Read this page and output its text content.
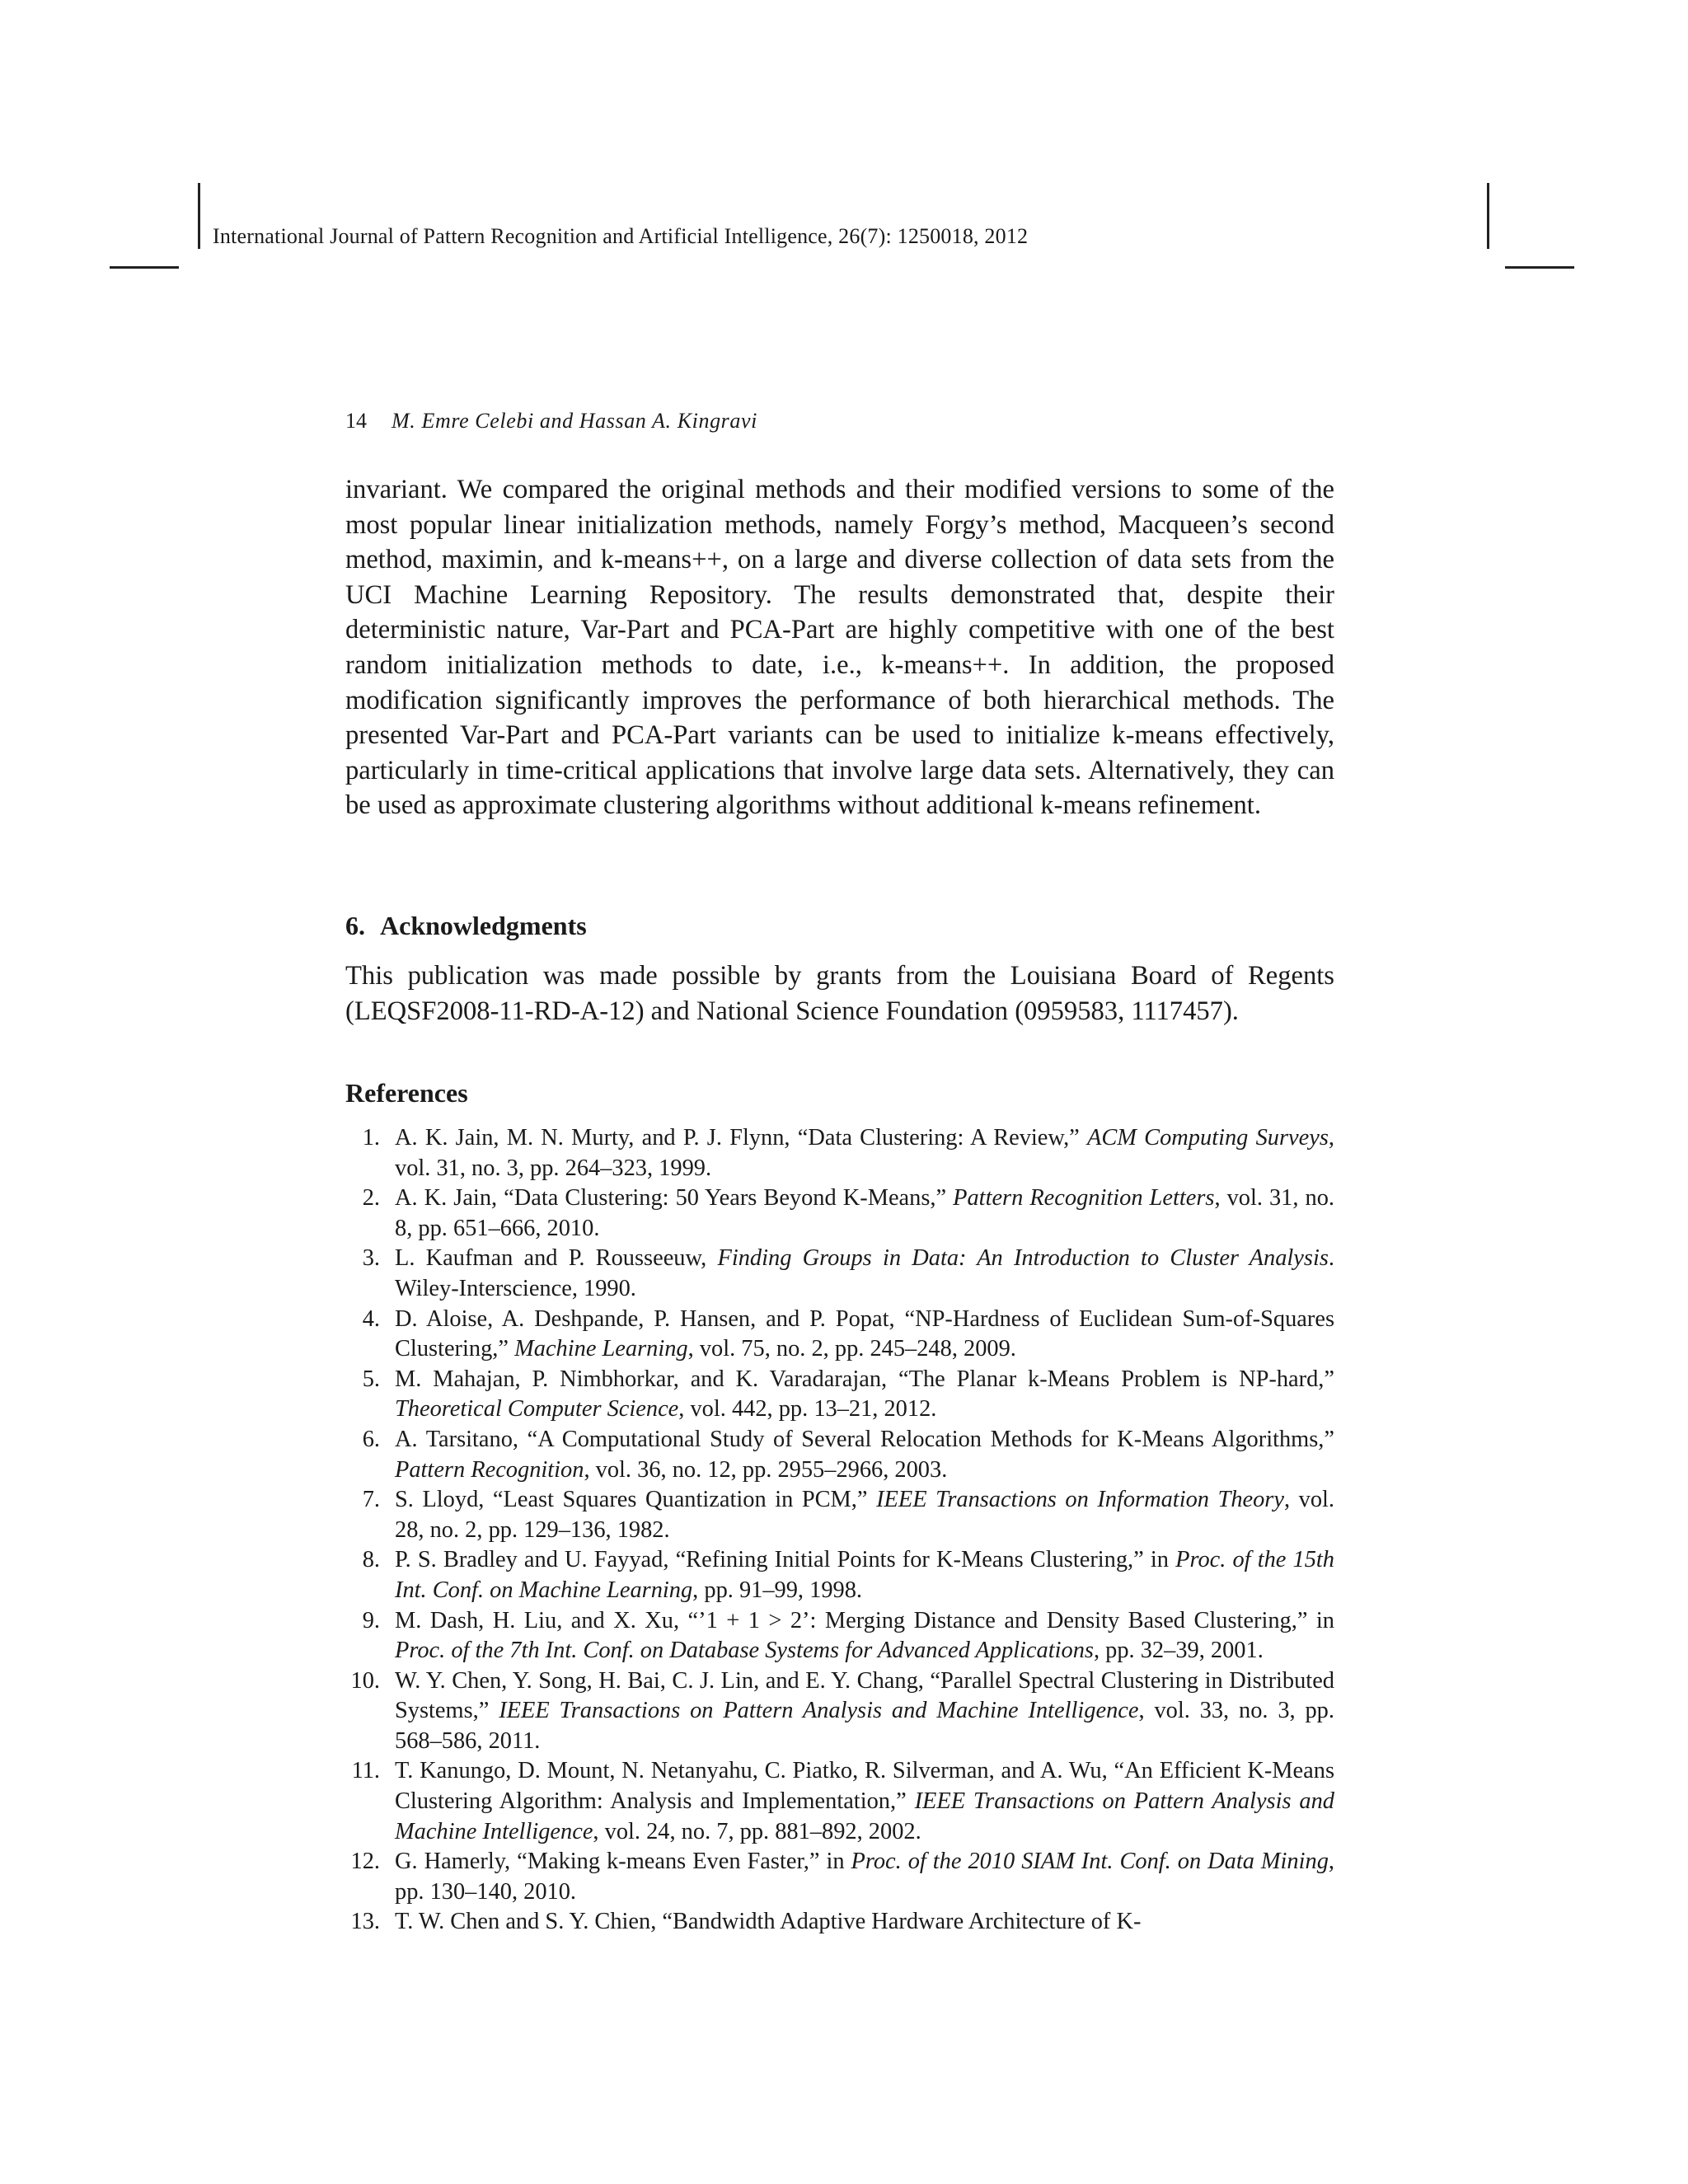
International Journal of Pattern Recognition and Artificial Intelligence, 26(7): 1250018, 2012
14 M. Emre Celebi and Hassan A. Kingravi

invariant. We compared the original methods and their modified versions to some of the most popular linear initialization methods, namely Forgy’s method, Macqueen’s second method, maximin, and k-means++, on a large and diverse collection of data sets from the UCI Machine Learning Repository. The results demonstrated that, despite their deterministic nature, Var-Part and PCA-Part are highly competitive with one of the best random initialization methods to date, i.e., k-means++. In addition, the proposed modification significantly improves the performance of both hierarchical methods. The presented Var-Part and PCA-Part variants can be used to initialize k-means effectively, particularly in time-critical applications that involve large data sets. Alternatively, they can be used as approximate clustering algorithms without additional k-means refinement.

6. Acknowledgments

This publication was made possible by grants from the Louisiana Board of Regents (LEQSF2008-11-RD-A-12) and National Science Foundation (0959583, 1117457).

References
1. A. K. Jain, M. N. Murty, and P. J. Flynn, “Data Clustering: A Review,” ACM Computing Surveys, vol. 31, no. 3, pp. 264–323, 1999.
2. A. K. Jain, “Data Clustering: 50 Years Beyond K-Means,” Pattern Recognition Letters, vol. 31, no. 8, pp. 651–666, 2010.
3. L. Kaufman and P. Rousseeuw, Finding Groups in Data: An Introduction to Cluster Analysis. Wiley-Interscience, 1990.
4. D. Aloise, A. Deshpande, P. Hansen, and P. Popat, “NP-Hardness of Euclidean Sum-of-Squares Clustering,” Machine Learning, vol. 75, no. 2, pp. 245–248, 2009.
5. M. Mahajan, P. Nimbhorkar, and K. Varadarajan, “The Planar k-Means Problem is NP-hard,” Theoretical Computer Science, vol. 442, pp. 13–21, 2012.
6. A. Tarsitano, “A Computational Study of Several Relocation Methods for K-Means Algorithms,” Pattern Recognition, vol. 36, no. 12, pp. 2955–2966, 2003.
7. S. Lloyd, “Least Squares Quantization in PCM,” IEEE Transactions on Information Theory, vol. 28, no. 2, pp. 129–136, 1982.
8. P. S. Bradley and U. Fayyad, “Refining Initial Points for K-Means Clustering,” in Proc. of the 15th Int. Conf. on Machine Learning, pp. 91–99, 1998.
9. M. Dash, H. Liu, and X. Xu, “’1 + 1 > 2’: Merging Distance and Density Based Clustering,” in Proc. of the 7th Int. Conf. on Database Systems for Advanced Applications, pp. 32–39, 2001.
10. W. Y. Chen, Y. Song, H. Bai, C. J. Lin, and E. Y. Chang, “Parallel Spectral Clustering in Distributed Systems,” IEEE Transactions on Pattern Analysis and Machine Intelligence, vol. 33, no. 3, pp. 568–586, 2011.
11. T. Kanungo, D. Mount, N. Netanyahu, C. Piatko, R. Silverman, and A. Wu, “An Efficient K-Means Clustering Algorithm: Analysis and Implementation,” IEEE Transactions on Pattern Analysis and Machine Intelligence, vol. 24, no. 7, pp. 881–892, 2002.
12. G. Hamerly, “Making k-means Even Faster,” in Proc. of the 2010 SIAM Int. Conf. on Data Mining, pp. 130–140, 2010.
13. T. W. Chen and S. Y. Chien, “Bandwidth Adaptive Hardware Architecture of K-
